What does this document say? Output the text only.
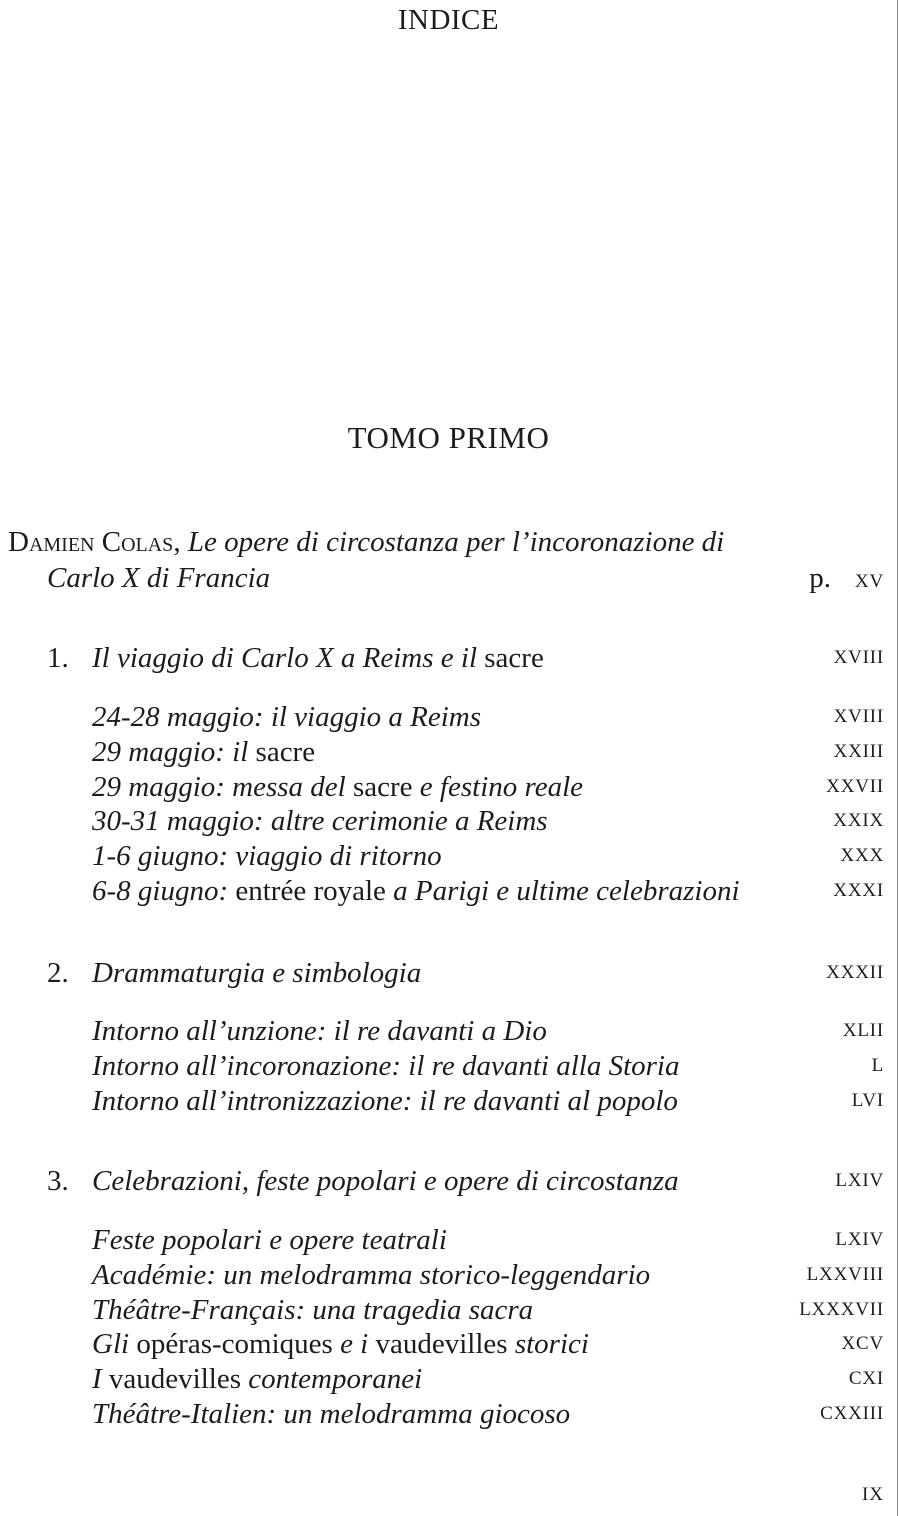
INDICE
TOMO PRIMO
Damien Colas, Le opere di circostanza per l’incoronazione di
Carlo X di Francia	p. XV
1. Il viaggio di Carlo X a Reims e il sacre	XVIII
24-28 maggio: il viaggio a Reims	XVIII
29 maggio: il sacre	XXIII
29 maggio: messa del sacre e festino reale	XXVII
30-31 maggio: altre cerimonie a Reims	XXIX
1-6 giugno: viaggio di ritorno	XXX
6-8 giugno: entrée royale a Parigi e ultime celebrazioni	XXXI
2. Drammaturgia e simbologia	XXXII
Intorno all’unzione: il re davanti a Dio	XLII
Intorno all’incoronazione: il re davanti alla Storia	L
Intorno all’intronizzazione: il re davanti al popolo	LVI
3. Celebrazioni, feste popolari e opere di circostanza	LXIV
Feste popolari e opere teatrali	LXIV
Académie: un melodramma storico-leggendario	LXXVIII
Théâtre-Français: una tragedia sacra	LXXXVII
Gli opéras-comiques e i vaudevilles storici	XCV
I vaudevilles contemporanei	CXI
Théâtre-Italien: un melodramma giocoso	CXXIII
IX
